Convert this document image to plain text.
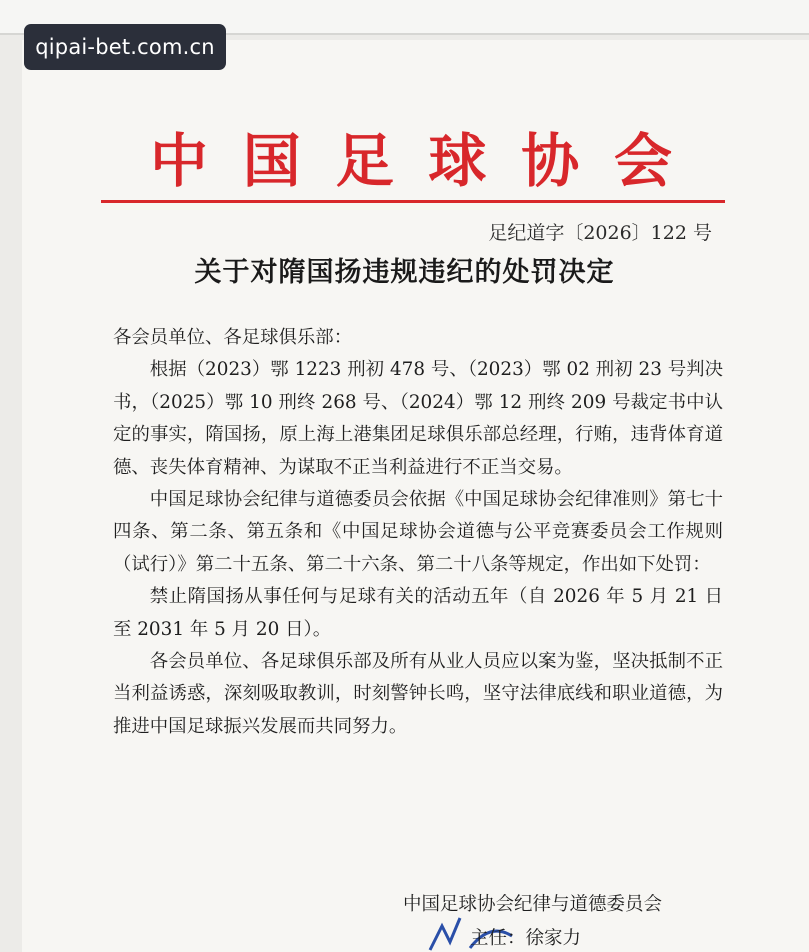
qipai-bet.com.cn
中 国 足 球 协 会
足纪道字〔2026〕122 号
关于对隋国扬违规违纪的处罚决定

各会员单位、各足球俱乐部：

根据（2023）鄂 1223 刑初 478 号、（2023）鄂 02 刑初 23 号判决书，（2025）鄂 10 刑终 268 号、（2024）鄂 12 刑终 209 号裁定书中认定的事实，隋国扬，原上海上港集团足球俱乐部总经理，行贿，违背体育道德、丧失体育精神、为谋取不正当利益进行不正当交易。

中国足球协会纪律与道德委员会依据《中国足球协会纪律准则》第七十四条、第二条、第五条和《中国足球协会道德与公平竞赛委员会工作规则（试行）》第二十五条、第二十六条、第二十八条等规定，作出如下处罚：

禁止隋国扬从事任何与足球有关的活动五年（自 2026 年 5 月 21 日至 2031 年 5 月 20 日）。

各会员单位、各足球俱乐部及所有从业人员应以案为鉴，坚决抵制不正当利益诱惑，深刻吸取教训，时刻警钟长鸣，坚守法律底线和职业道德，为推进中国足球振兴发展而共同努力。

中国足球协会纪律与道德委员会
主任：徐家力
